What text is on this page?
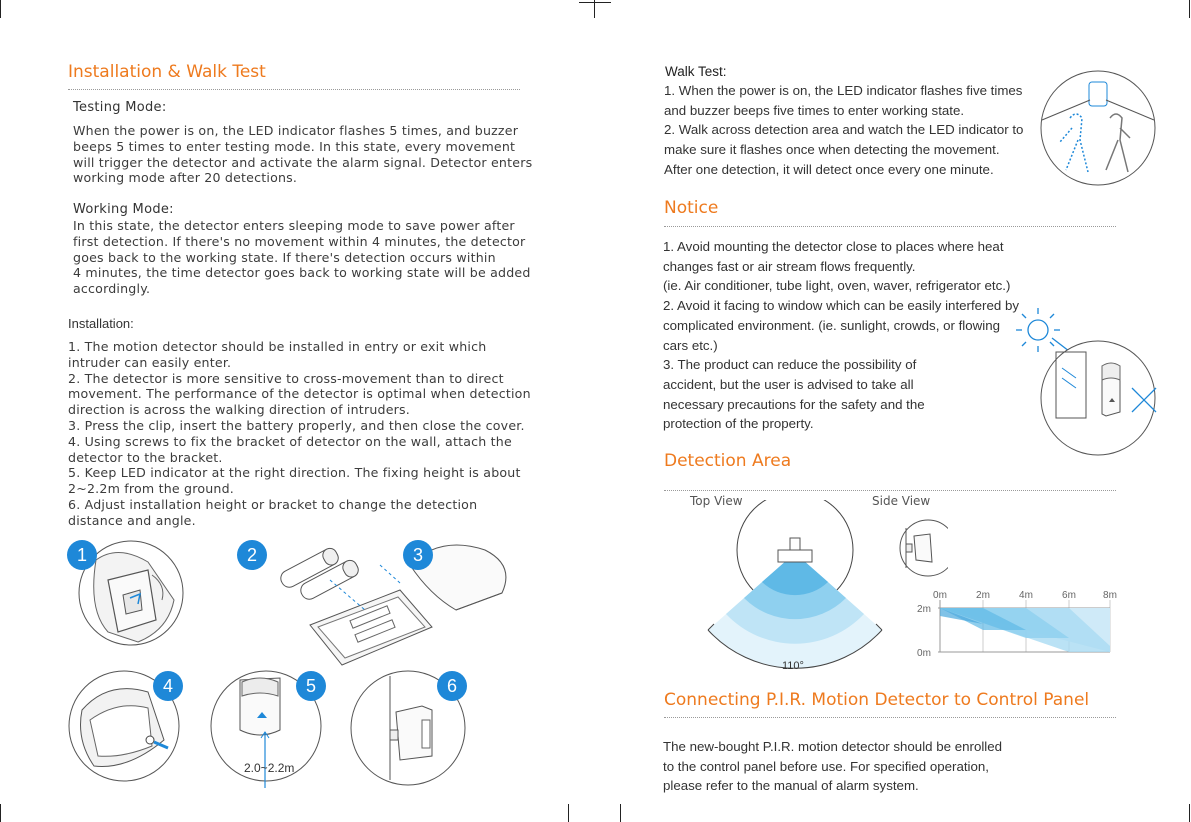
Installation & Walk Test
Testing Mode:

When the power is on, the LED indicator flashes 5 times, and buzzer
beeps 5 times to enter testing mode. In this state, every movement
will trigger the detector and activate the alarm signal. Detector enters
working mode after 20 detections.

Working Mode:

In this state, the detector enters sleeping mode to save power after
first detection. If there's no movement within 4 minutes, the detector
goes back to the working state. If there's detection occurs within
4 minutes, the time detector goes back to working state will be added
accordingly.

Installation:

1. The motion detector should be installed in entry or exit which
intruder can easily enter.

2. The detector is more sensitive to cross-movement than to direct
movement. The performance of the detector is optimal when detection
direction is across the walking direction of intruders.

3. Press the clip, insert the battery properly, and then close the cover.

4. Using screws to fix the bracket of detector on the wall, attach the
detector to the bracket.

5. Keep LED indicator at the right direction. The fixing height is about
2~2.2m from the ground.

6. Adjust installation height or bracket to change the detection
distance and angle.

1	2	3
4
2.0~2.2m
5	6
Walk Test:

1. When the power is on, the LED indicator flashes five times
and buzzer beeps five times to enter working state.
2. Walk across detection area and watch the LED indicator to
make sure it flashes once when detecting the movement.
After one detection, it will detect once every one minute.

Notice

1. Avoid mounting the detector close to places where heat
changes fast or air stream flows frequently.
(ie. Air conditioner, tube light, oven, waver, refrigerator etc.)
2. Avoid it facing to window which can be easily interfered by
complicated environment. (ie. sunlight, crowds, or flowing
cars etc.)
3. The product can reduce the possibility of
accident, but the user is advised to take all
necessary precautions for the safety and the
protection of the property.

Detection Area
Top View	Side View
110°
0m	2m	4m	6m	8m
2m
0m
Connecting P.I.R. Motion Detector to Control Panel

The new-bought P.I.R. motion detector should be enrolled
to the control panel before use. For specified operation,
please refer to the manual of alarm system.
